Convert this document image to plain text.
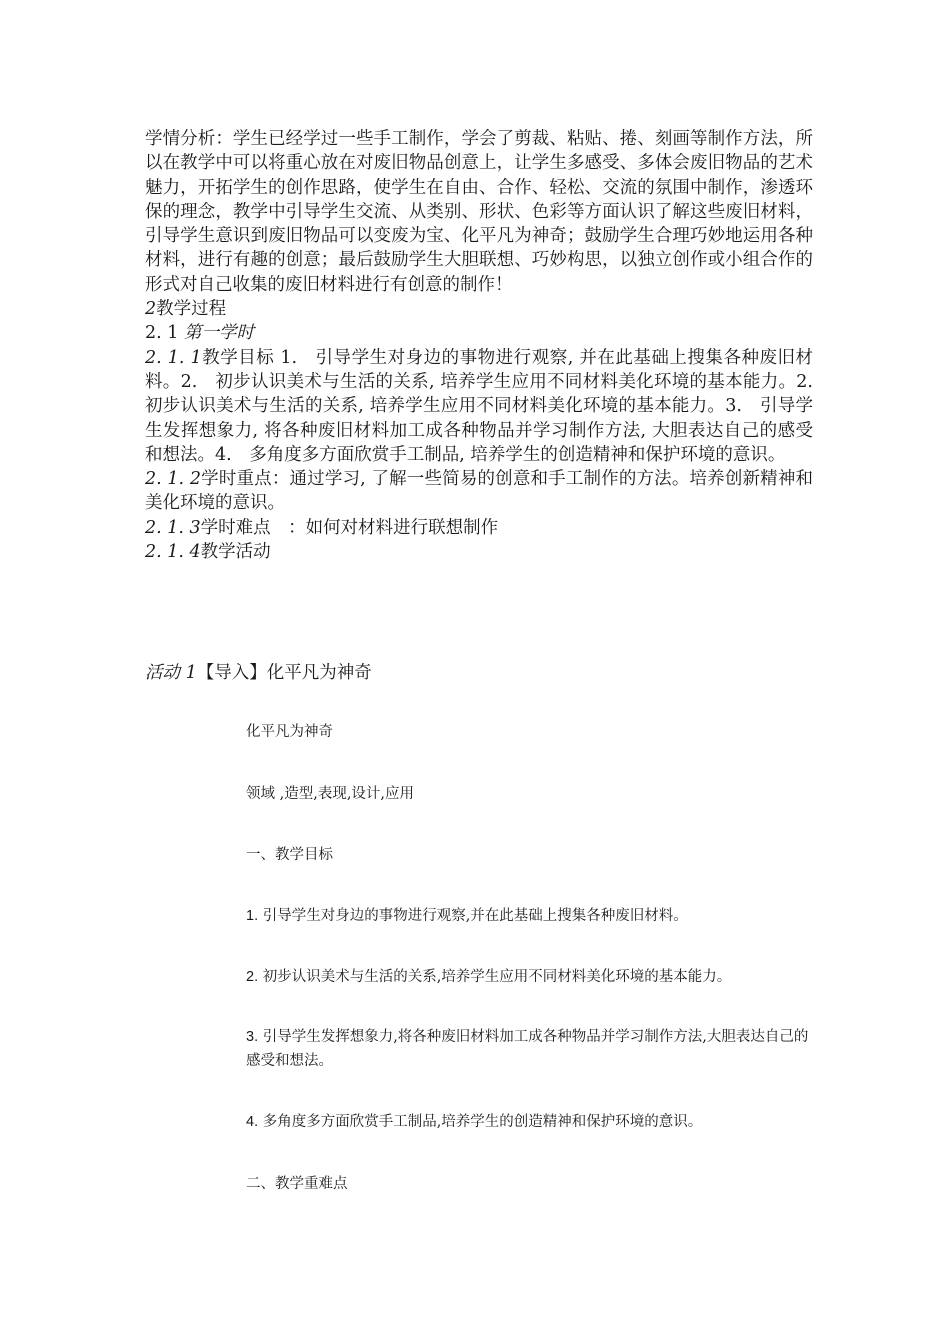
学情分析：学生已经学过一些手工制作，学会了剪裁、粘贴、捲、刻画等制作方法，所以在教学中可以将重心放在对废旧物品创意上，让学生多感受、多体会废旧物品的艺术魅力，开拓学生的创作思路，使学生在自由、合作、轻松、交流的氛围中制作，渗透环保的理念，教学中引导学生交流、从类别、形状、色彩等方面认识了解这些废旧材料，引导学生意识到废旧物品可以变废为宝、化平凡为神奇；鼓励学生合理巧妙地运用各种材料，进行有趣的创意；最后鼓励学生大胆联想、巧妙构思，以独立创作或小组合作的形式对自己收集的废旧材料进行有创意的制作！

2教学过程

2. 1 第一学时

2. 1. 1教学目标 1.　引导学生对身边的事物进行观察, 并在此基础上搜集各种废旧材料。2.　初步认识美术与生活的关系, 培养学生应用不同材料美化环境的基本能力。2.　初步认识美术与生活的关系, 培养学生应用不同材料美化环境的基本能力。3.　引导学生发挥想象力, 将各种废旧材料加工成各种物品并学习制作方法, 大胆表达自己的感受和想法。4.　多角度多方面欣赏手工制品, 培养学生的创造精神和保护环境的意识。

2. 1. 2学时重点：通过学习, 了解一些简易的创意和手工制作的方法。培养创新精神和美化环境的意识。

2. 1. 3学时难点　：如何对材料进行联想制作

2. 1. 4教学活动

活动 1【导入】化平凡为神奇

化平凡为神奇

领域 ,造型,表现,设计,应用

一、教学目标

1. 引导学生对身边的事物进行观察,并在此基础上搜集各种废旧材料。

2. 初步认识美术与生活的关系,培养学生应用不同材料美化环境的基本能力。

3. 引导学生发挥想象力,将各种废旧材料加工成各种物品并学习制作方法,大胆表达自己的感受和想法。

4. 多角度多方面欣赏手工制品,培养学生的创造精神和保护环境的意识。

二、教学重难点
